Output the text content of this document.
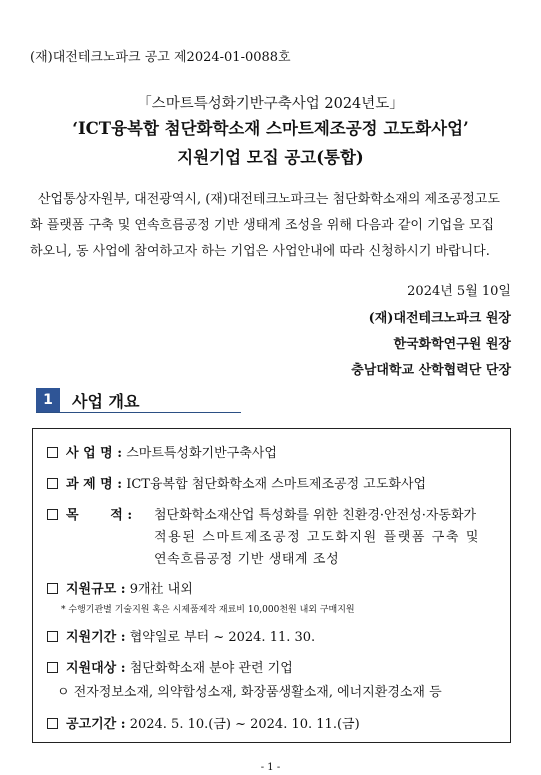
(재)대전테크노파크 공고 제2024-01-0088호
「스마트특성화기반구축사업 2024년도」
‘ICT융복합 첨단화학소재 스마트제조공정 고도화사업’
지원기업 모집 공고(통합)
산업통상자원부, 대전광역시, (재)대전테크노파크는 첨단화학소재의 제조공정고도
화 플랫폼 구축 및 연속흐름공정 기반 생태계 조성을 위해 다음과 같이 기업을 모집
하오니, 동 사업에 참여하고자 하는 기업은 사업안내에 따라 신청하시기 바랍니다.
2024년 5월 10일
(재)대전테크노파크 원장
한국화학연구원 원장
충남대학교 산학협력단 단장
1	사업 개요
사 업 명 : 스마트특성화기반구축사업
과 제 명 : ICT융복합 첨단화학소재 스마트제조공정 고도화사업
목       적 : 첨단화학소재산업 특성화를 위한 친환경·안전성·자동화가
적용된 스마트제조공정 고도화지원 플랫폼 구축 및
연속흐름공정 기반 생태계 조성
지원규모 : 9개社 내외
* 수행기관별 기술지원 혹은 시제품제작 재료비 10,000천원 내외 구매지원
지원기간 : 협약일로 부터 ~ 2024. 11. 30.
지원대상 : 첨단화학소재 분야 관련 기업
ㅇ 전자정보소재, 의약합성소재, 화장품생활소재, 에너지환경소재 등
공고기간 : 2024. 5. 10.(금) ~ 2024. 10. 11.(금)
- 1 -
